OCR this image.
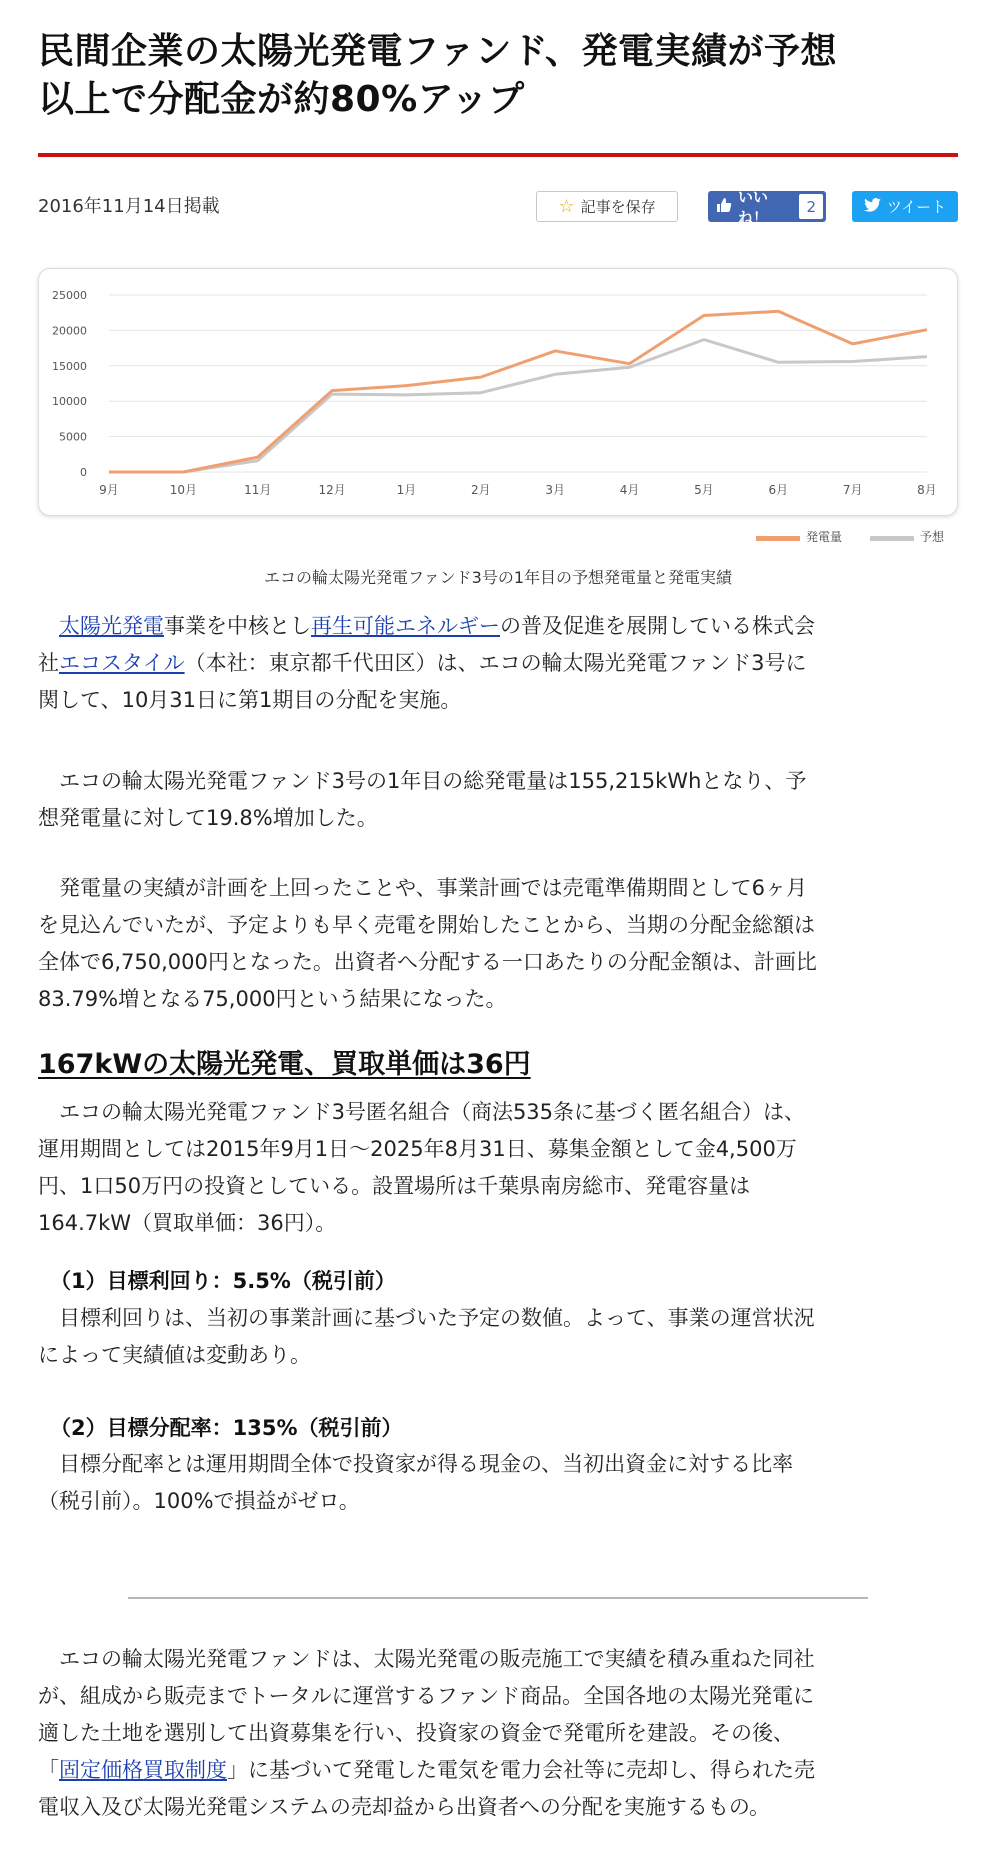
民間企業の太陽光発電ファンド、発電実績が予想
以上で分配金が約80%アップ
2016年11月14日掲載	☆ 記事を保存
いいね！
2	ツイート
0
5000
10000
15000
20000
25000
9月	10月	11月	12月	1月	2月	3月	4月	5月	6月	7月	8月
発電量	予想
エコの輪太陽光発電ファンド3号の1年目の予想発電量と発電実績
太陽光発電事業を中核とし再生可能エネルギーの普及促進を展開している株式会
社エコスタイル（本社：東京都千代田区）は、エコの輪太陽光発電ファンド3号に
関して、10月31日に第1期目の分配を実施。
エコの輪太陽光発電ファンド3号の1年目の総発電量は155,215kWhとなり、予
想発電量に対して19.8%増加した。
発電量の実績が計画を上回ったことや、事業計画では売電準備期間として6ヶ月
を見込んでいたが、予定よりも早く売電を開始したことから、当期の分配金総額は
全体で6,750,000円となった。出資者へ分配する一口あたりの分配金額は、計画比
83.79%増となる75,000円という結果になった。
167kWの太陽光発電、買取単価は36円
エコの輪太陽光発電ファンド3号匿名組合（商法535条に基づく匿名組合）は、
運用期間としては2015年9月1日～2025年8月31日、募集金額として金4,500万
円、1口50万円の投資としている。設置場所は千葉県南房総市、発電容量は
164.7kW（買取単価：36円）。
（1）目標利回り：5.5%（税引前）
目標利回りは、当初の事業計画に基づいた予定の数値。よって、事業の運営状況
によって実績値は変動あり。
（2）目標分配率：135%（税引前）
目標分配率とは運用期間全体で投資家が得る現金の、当初出資金に対する比率
（税引前）。100%で損益がゼロ。
エコの輪太陽光発電ファンドは、太陽光発電の販売施工で実績を積み重ねた同社
が、組成から販売までトータルに運営するファンド商品。全国各地の太陽光発電に
適した土地を選別して出資募集を行い、投資家の資金で発電所を建設。その後、
「固定価格買取制度」に基づいて発電した電気を電力会社等に売却し、得られた売
電収入及び太陽光発電システムの売却益から出資者への分配を実施するもの。
